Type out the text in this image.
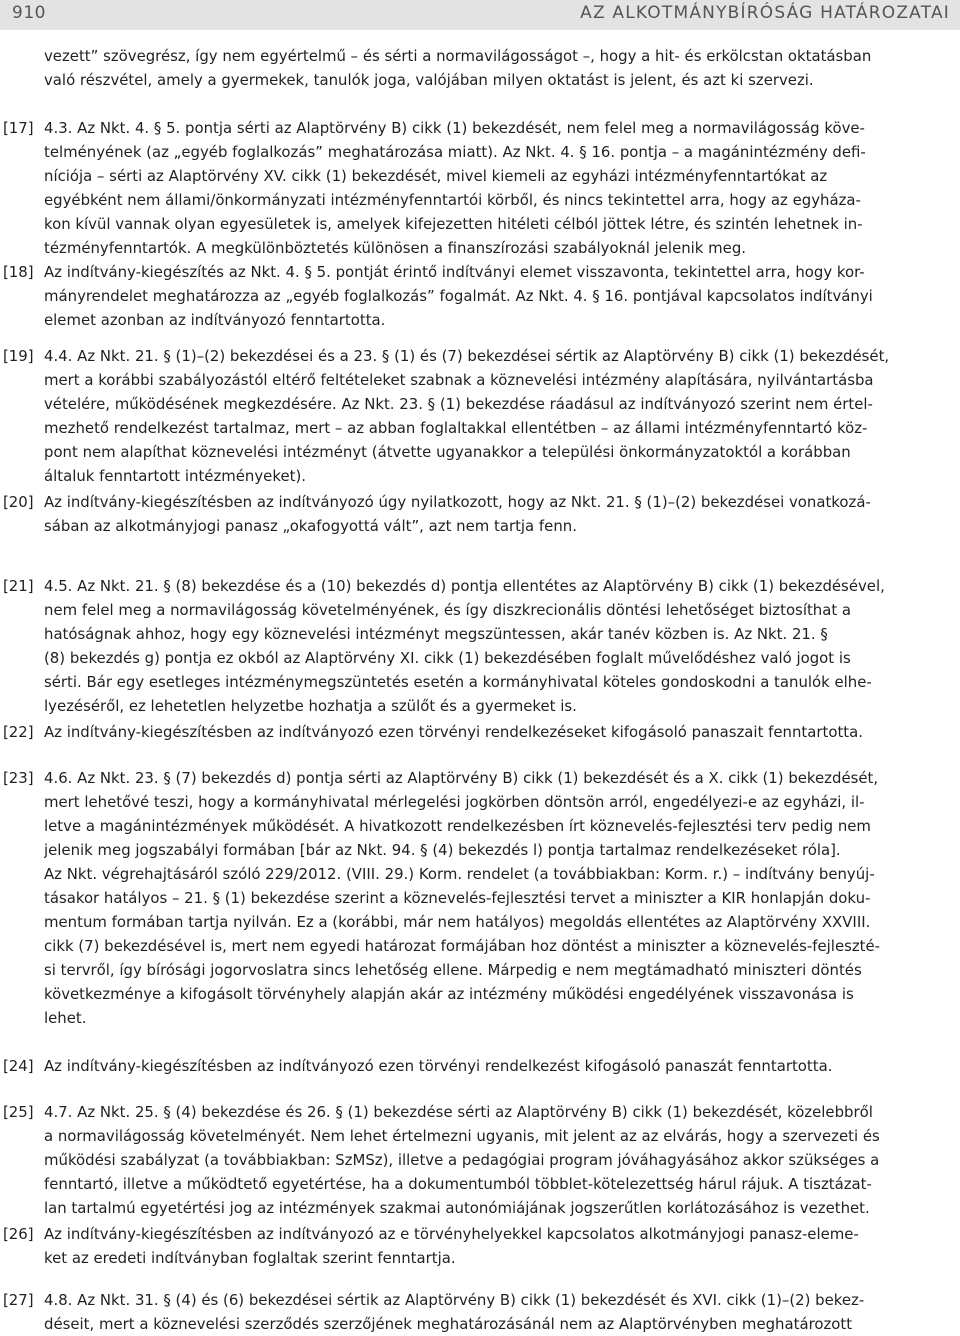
910	AZ ALKOTMÁNYBÍRÓSÁG HATÁROZATAI
vezett” szövegrész, így nem egyértelmű – és sérti a normavilágosságot –, hogy a hit- és erkölcstan oktatásban
való részvétel, amely a gyermekek, tanulók joga, valójában milyen oktatást is jelent, és azt ki szervezi.
[17] 4.3. Az Nkt. 4. § 5. pontja sérti az Alaptörvény B) cikk (1) bekezdését, nem felel meg a normavilágosság köve-
telményének (az „egyéb foglalkozás” meghatározása miatt). Az Nkt. 4. § 16. pontja – a magánintézmény defi-
níciója – sérti az Alaptörvény XV. cikk (1) bekezdését, mivel kiemeli az egyházi intézményfenntartókat az
egyébként nem állami/önkormányzati intézményfenntartói körből, és nincs tekintettel arra, hogy az egyháza-
kon kívül vannak olyan egyesületek is, amelyek kifejezetten hitéleti célból jöttek létre, és szintén lehetnek in-
tézményfenntartók. A megkülönböztetés különösen a finanszírozási szabályoknál jelenik meg.
[18] Az indítvány-kiegészítés az Nkt. 4. § 5. pontját érintő indítványi elemet visszavonta, tekintettel arra, hogy kor-
mányrendelet meghatározza az „egyéb foglalkozás” fogalmát. Az Nkt. 4. § 16. pontjával kapcsolatos indítványi
elemet azonban az indítványozó fenntartotta.
[19] 4.4. Az Nkt. 21. § (1)–(2) bekezdései és a 23. § (1) és (7) bekezdései sértik az Alaptörvény B) cikk (1) bekezdését,
mert a korábbi szabályozástól eltérő feltételeket szabnak a köznevelési intézmény alapítására, nyilvántartásba
vételére, működésének megkezdésére. Az Nkt. 23. § (1) bekezdése ráadásul az indítványozó szerint nem értel-
mezhető rendelkezést tartalmaz, mert – az abban foglaltakkal ellentétben – az állami intézményfenntartó köz-
pont nem alapíthat köznevelési intézményt (átvette ugyanakkor a települési önkormányzatoktól a korábban
általuk fenntartott intézményeket).
[20] Az indítvány-kiegészítésben az indítványozó úgy nyilatkozott, hogy az Nkt. 21. § (1)–(2) bekezdései vonatkozá-
sában az alkotmányjogi panasz „okafogyottá vált”, azt nem tartja fenn.
[21] 4.5. Az Nkt. 21. § (8) bekezdése és a (10) bekezdés d) pontja ellentétes az Alaptörvény B) cikk (1) bekezdésével,
nem felel meg a normavilágosság követelményének, és így diszkrecionális döntési lehetőséget biztosíthat a
hatóságnak ahhoz, hogy egy köznevelési intézményt megszüntessen, akár tanév közben is. Az Nkt. 21. §
(8) bekezdés g) pontja ez okból az Alaptörvény XI. cikk (1) bekezdésében foglalt művelődéshez való jogot is
sérti. Bár egy esetleges intézménymegszüntetés esetén a kormányhivatal köteles gondoskodni a tanulók elhe-
lyezéséről, ez lehetetlen helyzetbe hozhatja a szülőt és a gyermeket is.
[22] Az indítvány-kiegészítésben az indítványozó ezen törvényi rendelkezéseket kifogásoló panaszait fenntartotta.
[23] 4.6. Az Nkt. 23. § (7) bekezdés d) pontja sérti az Alaptörvény B) cikk (1) bekezdését és a X. cikk (1) bekezdését,
mert lehetővé teszi, hogy a kormányhivatal mérlegelési jogkörben döntsön arról, engedélyezi-e az egyházi, il-
letve a magánintézmények működését. A hivatkozott rendelkezésben írt köznevelés-fejlesztési terv pedig nem
jelenik meg jogszabályi formában [bár az Nkt. 94. § (4) bekezdés l) pontja tartalmaz rendelkezéseket róla].
Az Nkt. végrehajtásáról szóló 229/2012. (VIII. 29.) Korm. rendelet (a továbbiakban: Korm. r.) – indítvány benyúj-
tásakor hatályos – 21. § (1) bekezdése szerint a köznevelés-fejlesztési tervet a miniszter a KIR honlapján doku-
mentum formában tartja nyilván. Ez a (korábbi, már nem hatályos) megoldás ellentétes az Alaptörvény XXVIII.
cikk (7) bekezdésével is, mert nem egyedi határozat formájában hoz döntést a miniszter a köznevelés-fejleszté-
si tervről, így bírósági jogorvoslatra sincs lehetőség ellene. Márpedig e nem megtámadható miniszteri döntés
következménye a kifogásolt törvényhely alapján akár az intézmény működési engedélyének visszavonása is
lehet.
[24] Az indítvány-kiegészítésben az indítványozó ezen törvényi rendelkezést kifogásoló panaszát fenntartotta.
[25] 4.7. Az Nkt. 25. § (4) bekezdése és 26. § (1) bekezdése sérti az Alaptörvény B) cikk (1) bekezdését, közelebbről
a normavilágosság követelményét. Nem lehet értelmezni ugyanis, mit jelent az az elvárás, hogy a szervezeti és
működési szabályzat (a továbbiakban: SzMSz), illetve a pedagógiai program jóváhagyásához akkor szükséges a
fenntartó, illetve a működtető egyetértése, ha a dokumentumból többlet-kötelezettség hárul rájuk. A tisztázat-
lan tartalmú egyetértési jog az intézmények szakmai autonómiájának jogszerűtlen korlátozásához is vezethet.
[26] Az indítvány-kiegészítésben az indítványozó az e törvényhelyekkel kapcsolatos alkotmányjogi panasz-eleme-
ket az eredeti indítványban foglaltak szerint fenntartja.
[27] 4.8. Az Nkt. 31. § (4) és (6) bekezdései sértik az Alaptörvény B) cikk (1) bekezdését és XVI. cikk (1)–(2) bekez-
déseit, mert a köznevelési szerződés szerzőjének meghatározásánál nem az Alaptörvényben meghatározott
